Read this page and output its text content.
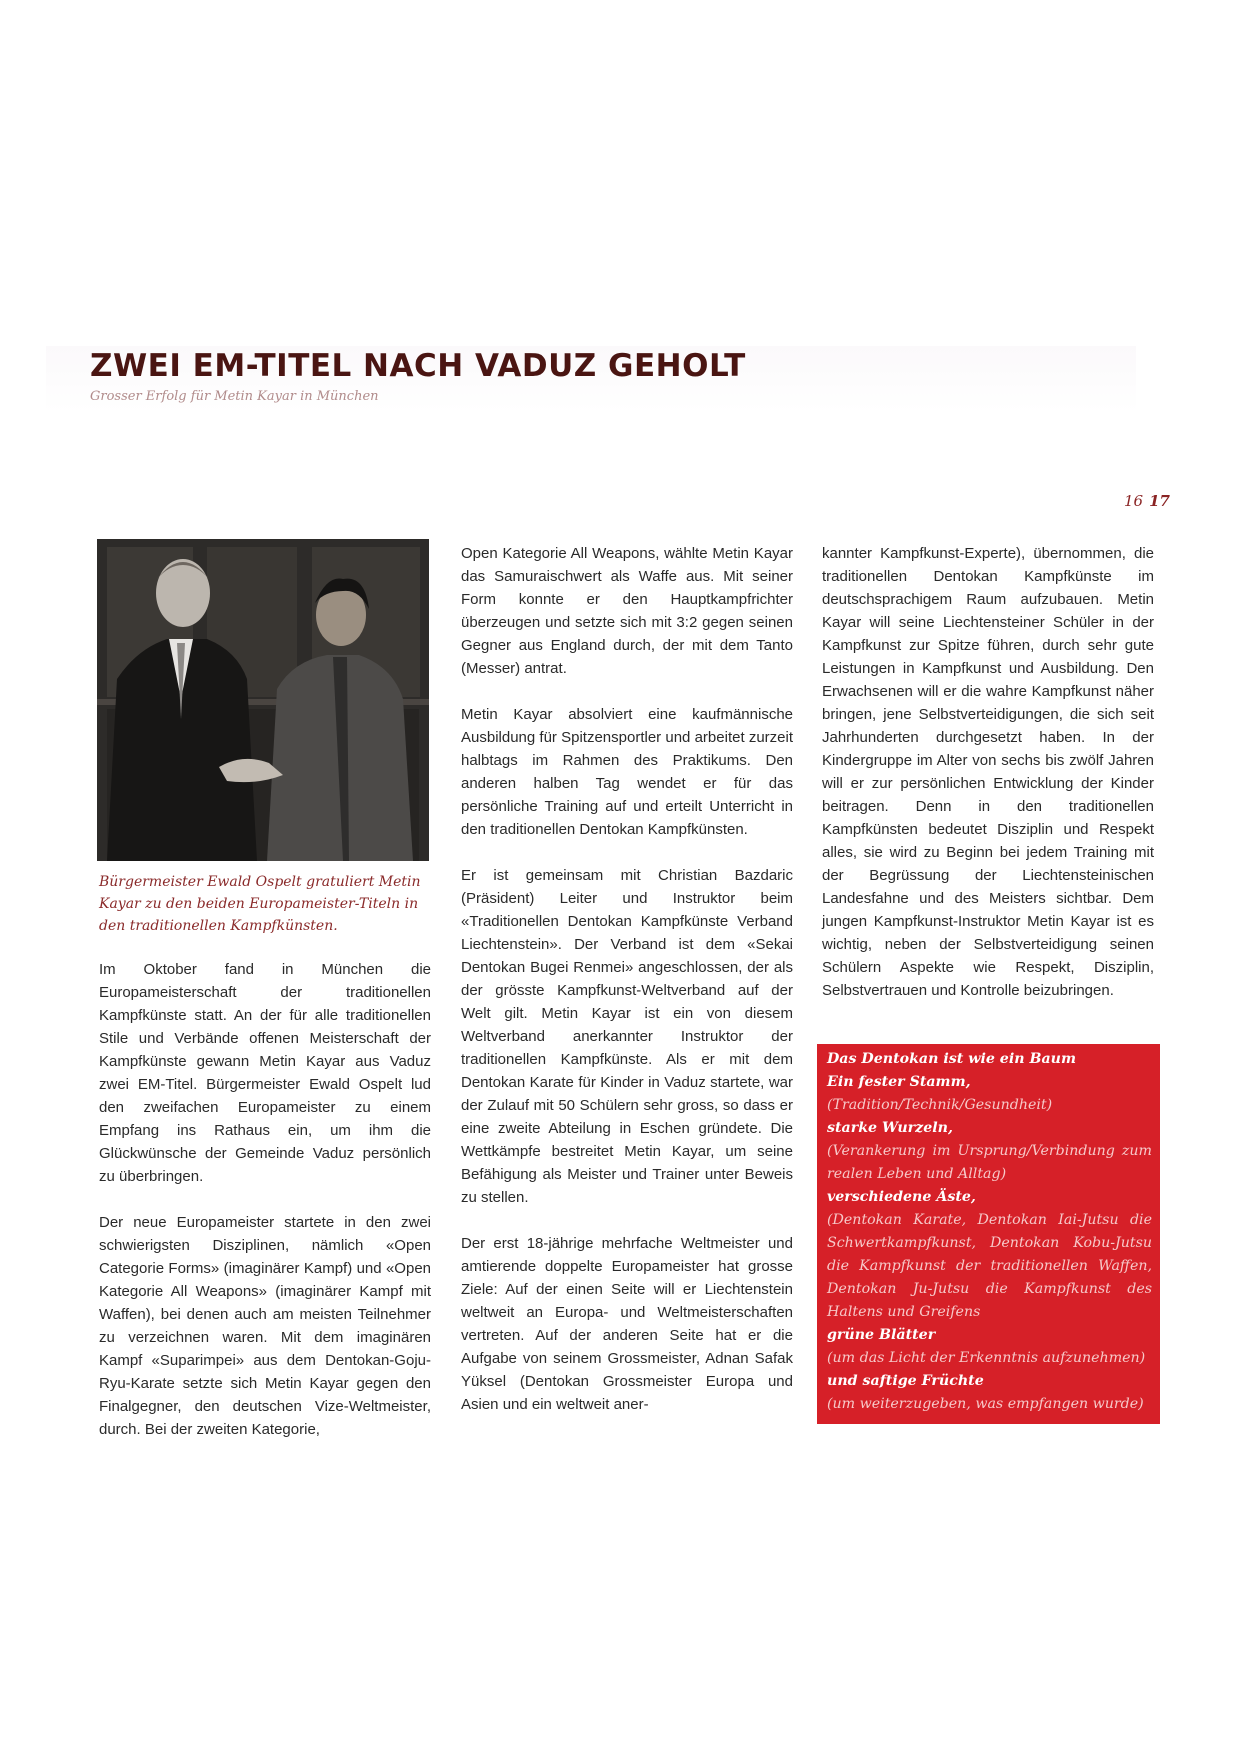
ZWEI EM-TITEL NACH VADUZ GEHOLT

Grosser Erfolg für Metin Kayar in München

16 17

Bürgermeister Ewald Ospelt gratuliert Metin Kayar zu den beiden Europameister-Titeln in den traditionellen Kampfkünsten.

Im Oktober fand in München die Europameisterschaft der traditionellen Kampfkünste statt. An der für alle traditionellen Stile und Verbände offenen Meisterschaft der Kampfkünste gewann Metin Kayar aus Vaduz zwei EM-Titel. Bürgermeister Ewald Ospelt lud den zweifachen Europameister zu einem Empfang ins Rathaus ein, um ihm die Glückwünsche der Gemeinde Vaduz persönlich zu überbringen.

Der neue Europameister startete in den zwei schwierigsten Disziplinen, nämlich «Open Categorie Forms» (imaginärer Kampf) und «Open Kategorie All Weapons» (imaginärer Kampf mit Waffen), bei denen auch am meisten Teilnehmer zu verzeichnen waren. Mit dem imaginären Kampf «Suparimpei» aus dem Dentokan-Goju-Ryu-Karate setzte sich Metin Kayar gegen den Finalgegner, den deutschen Vize-Weltmeister, durch. Bei der zweiten Kategorie,

Open Kategorie All Weapons, wählte Metin Kayar das Samuraischwert als Waffe aus. Mit seiner Form konnte er den Hauptkampfrichter überzeugen und setzte sich mit 3:2 gegen seinen Gegner aus England durch, der mit dem Tanto (Messer) antrat.

Metin Kayar absolviert eine kaufmännische Ausbildung für Spitzensportler und arbeitet zurzeit halbtags im Rahmen des Praktikums. Den anderen halben Tag wendet er für das persönliche Training auf und erteilt Unterricht in den traditionellen Dentokan Kampfkünsten.

Er ist gemeinsam mit Christian Bazdaric (Präsident) Leiter und Instruktor beim «Traditionellen Dentokan Kampfkünste Verband Liechtenstein». Der Verband ist dem «Sekai Dentokan Bugei Renmei» angeschlossen, der als der grösste Kampfkunst-Weltverband auf der Welt gilt. Metin Kayar ist ein von diesem Weltverband anerkannter Instruktor der traditionellen Kampfkünste. Als er mit dem Dentokan Karate für Kinder in Vaduz startete, war der Zulauf mit 50 Schülern sehr gross, so dass er eine zweite Abteilung in Eschen gründete. Die Wettkämpfe bestreitet Metin Kayar, um seine Befähigung als Meister und Trainer unter Beweis zu stellen.

Der erst 18-jährige mehrfache Weltmeister und amtierende doppelte Europameister hat grosse Ziele: Auf der einen Seite will er Liechtenstein weltweit an Europa- und Weltmeisterschaften vertreten. Auf der anderen Seite hat er die Aufgabe von seinem Grossmeister, Adnan Safak Yüksel (Dentokan Grossmeister Europa und Asien und ein weltweit aner-

kannter Kampfkunst-Experte), übernommen, die traditionellen Dentokan Kampfkünste im deutschsprachigem Raum aufzubauen. Metin Kayar will seine Liechtensteiner Schüler in der Kampfkunst zur Spitze führen, durch sehr gute Leistungen in Kampfkunst und Ausbildung. Den Erwachsenen will er die wahre Kampfkunst näher bringen, jene Selbstverteidigungen, die sich seit Jahrhunderten durchgesetzt haben. In der Kindergruppe im Alter von sechs bis zwölf Jahren will er zur persönlichen Entwicklung der Kinder beitragen. Denn in den traditionellen Kampfkünsten bedeutet Disziplin und Respekt alles, sie wird zu Beginn bei jedem Training mit der Begrüssung der Liechtensteinischen Landesfahne und des Meisters sichtbar. Dem jungen Kampfkunst-Instruktor Metin Kayar ist es wichtig, neben der Selbstverteidigung seinen Schülern Aspekte wie Respekt, Disziplin, Selbstvertrauen und Kontrolle beizubringen.

Das Dentokan ist wie ein Baum
Ein fester Stamm,
(Tradition/Technik/Gesundheit)
starke Wurzeln,
(Verankerung im Ursprung/Verbindung zum realen Leben und Alltag)
verschiedene Äste,
(Dentokan Karate, Dentokan Iai-Jutsu die Schwertkampfkunst, Dentokan Kobu-Jutsu die Kampfkunst der traditionellen Waffen, Dentokan Ju-Jutsu die Kampfkunst des Haltens und Greifens
grüne Blätter
(um das Licht der Erkenntnis aufzunehmen)
und saftige Früchte
(um weiterzugeben, was empfangen wurde)
